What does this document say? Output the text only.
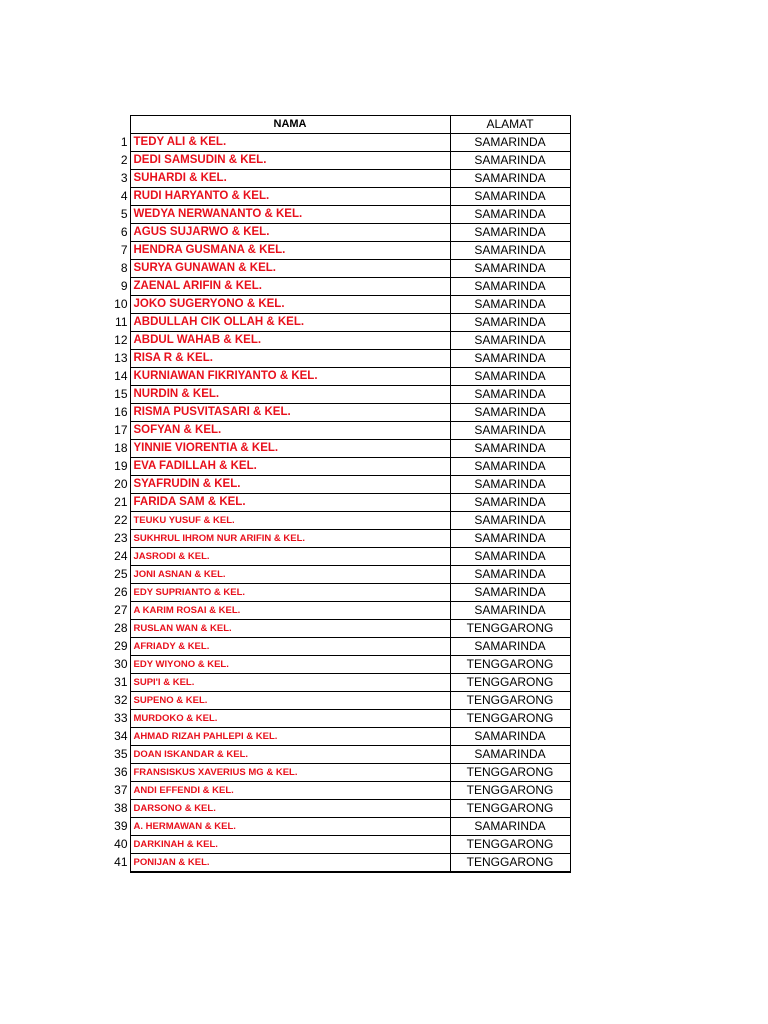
	NAMA	ALAMAT
1	TEDY ALI & KEL.	SAMARINDA
2	DEDI SAMSUDIN & KEL.	SAMARINDA
3	SUHARDI & KEL.	SAMARINDA
4	RUDI HARYANTO & KEL.	SAMARINDA
5	WEDYA NERWANANTO & KEL.	SAMARINDA
6	AGUS SUJARWO & KEL.	SAMARINDA
7	HENDRA GUSMANA & KEL.	SAMARINDA
8	SURYA GUNAWAN & KEL.	SAMARINDA
9	ZAENAL ARIFIN & KEL.	SAMARINDA
10	JOKO SUGERYONO & KEL.	SAMARINDA
11	ABDULLAH CIK OLLAH & KEL.	SAMARINDA
12	ABDUL WAHAB & KEL.	SAMARINDA
13	RISA R & KEL.	SAMARINDA
14	KURNIAWAN FIKRIYANTO & KEL.	SAMARINDA
15	NURDIN & KEL.	SAMARINDA
16	RISMA PUSVITASARI & KEL.	SAMARINDA
17	SOFYAN & KEL.	SAMARINDA
18	YINNIE VIORENTIA & KEL.	SAMARINDA
19	EVA FADILLAH & KEL.	SAMARINDA
20	SYAFRUDIN & KEL.	SAMARINDA
21	FARIDA SAM & KEL.	SAMARINDA
22	TEUKU YUSUF & KEL.	SAMARINDA
23	SUKHRUL IHROM NUR ARIFIN & KEL.	SAMARINDA
24	JASRODI & KEL.	SAMARINDA
25	JONI ASNAN & KEL.	SAMARINDA
26	EDY SUPRIANTO & KEL.	SAMARINDA
27	A KARIM ROSAI & KEL.	SAMARINDA
28	RUSLAN WAN & KEL.	TENGGARONG
29	AFRIADY & KEL.	SAMARINDA
30	EDY WIYONO & KEL.	TENGGARONG
31	SUPI'I & KEL.	TENGGARONG
32	SUPENO & KEL.	TENGGARONG
33	MURDOKO & KEL.	TENGGARONG
34	AHMAD RIZAH PAHLEPI & KEL.	SAMARINDA
35	DOAN ISKANDAR & KEL.	SAMARINDA
36	FRANSISKUS XAVERIUS MG & KEL.	TENGGARONG
37	ANDI EFFENDI & KEL.	TENGGARONG
38	DARSONO & KEL.	TENGGARONG
39	A. HERMAWAN & KEL.	SAMARINDA
40	DARKINAH & KEL.	TENGGARONG
41	PONIJAN & KEL.	TENGGARONG
